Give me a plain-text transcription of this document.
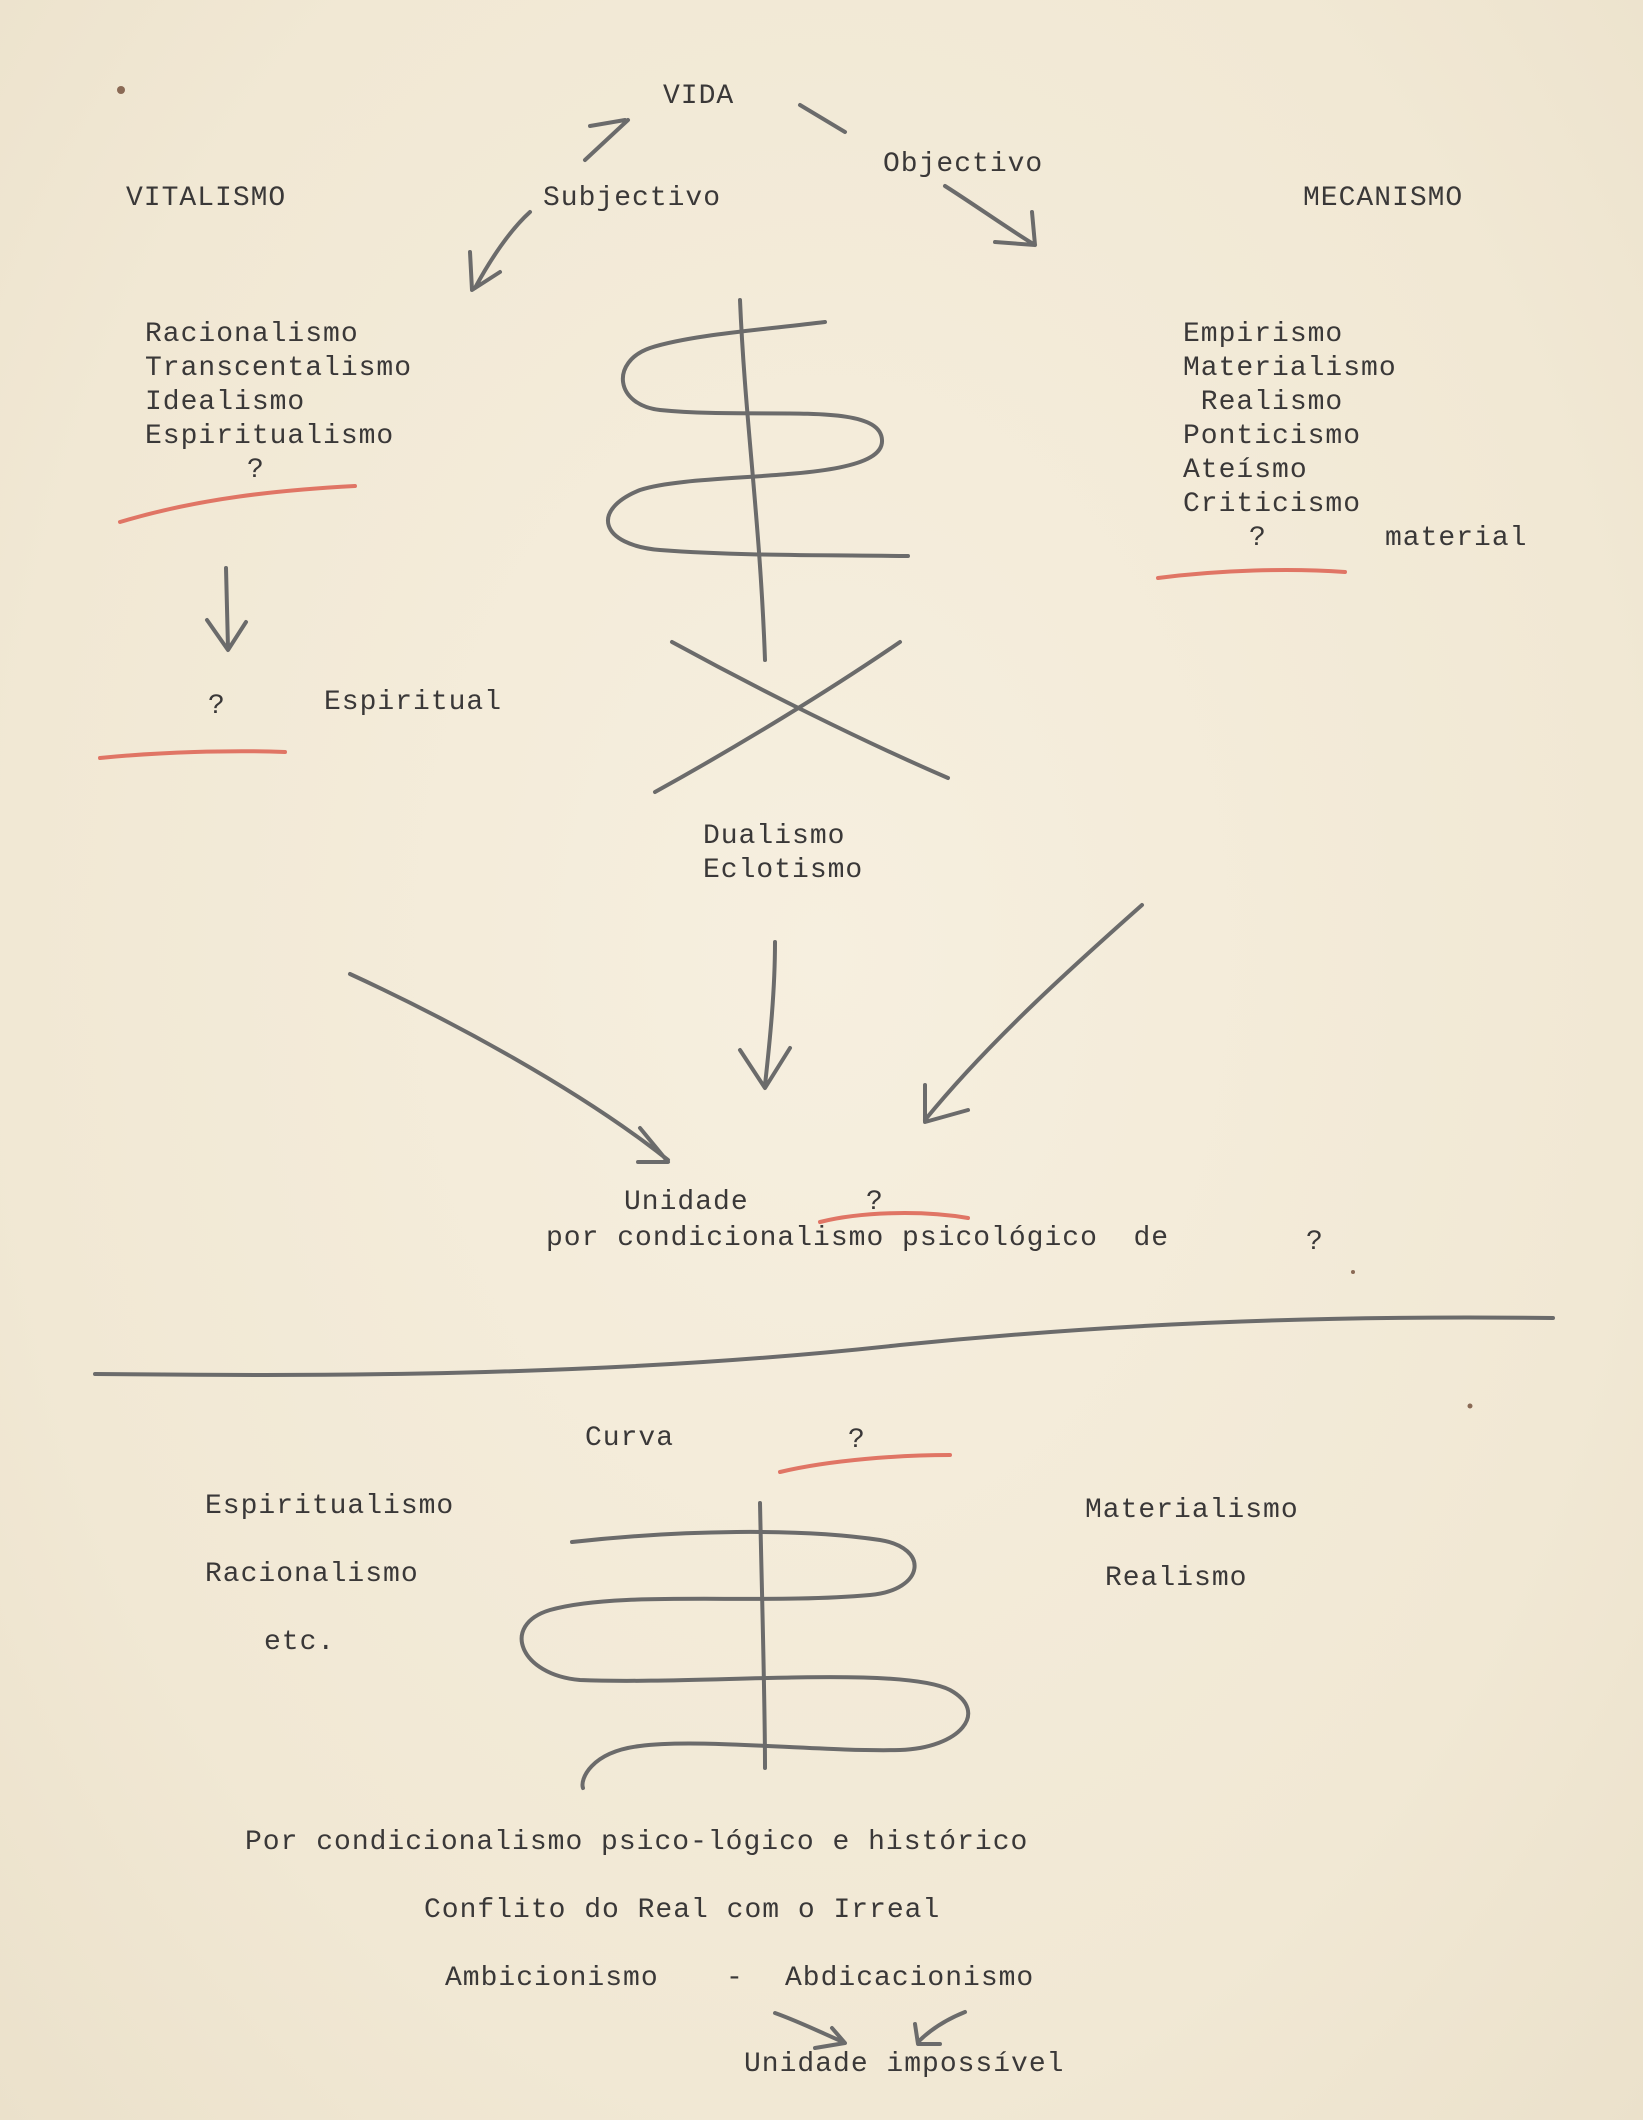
VIDA
VITALISMO	Subjectivo
Objectivo
MECANISMO
Racionalismo
Transcentalismo
Idealismo
Espiritualismo
?
Empirismo
Materialismo
Realismo
Ponticismo
Ateísmo
Criticismo
?	material
?	Espiritual
Dualismo
Eclotismo
Unidade	?
por condicionalismo psicológico  de	?
Curva	?
Espiritualismo
Racionalismo
etc.
Materialismo
Realismo
Por condicionalismo psico-lógico e histórico
Conflito do Real com o Irreal
Ambicionismo - Abdicacionismo
Unidade impossível
